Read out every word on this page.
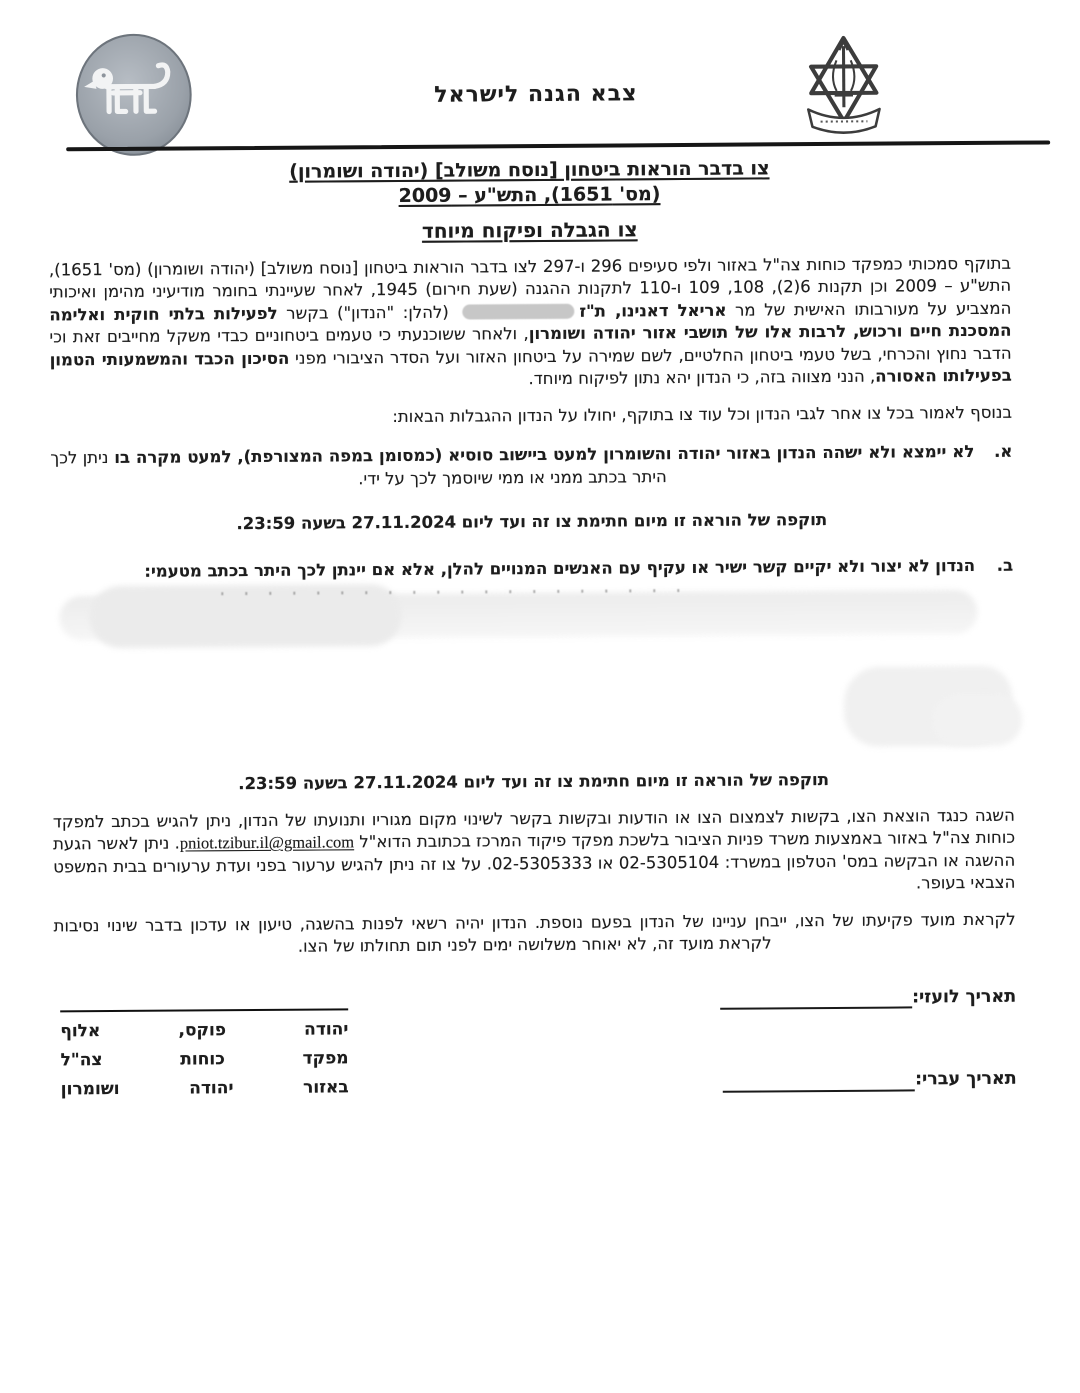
צבא הגנה לישראל
צו בדבר הוראות ביטחון [נוסח משולב] (יהודה ושומרון)
(מס' 1651), התש"ע – 2009
צו הגבלה ופיקוח מיוחד

בתוקף סמכותי כמפקד כוחות צה"ל באזור ולפי סעיפים 296 ו-297 לצו בדבר הוראות ביטחון [נוסח משולב] (יהודה ושומרון) (מס' 1651), התש"ע – 2009 וכן תקנות 6(2), 108, 109 ו-110 לתקנות ההגנה (שעת חירום) 1945, לאחר שעיינתי בחומר מודיעיני מהימן ואיכותי המצביע על מעורבותו האישית של מר אריאל דאנינו, ת"ז (להלן: "הנדון") בקשר לפעילות בלתי חוקית ואלימה המסכנת חיים ורכוש, לרבות אלו של תושבי אזור יהודה ושומרון, ולאחר ששוכנעתי כי טעמים ביטחוניים כבדי משקל מחייבים זאת וכי הדבר נחוץ והכרחי, בשל טעמי ביטחון החלטיים, לשם שמירה על ביטחון האזור ועל הסדר הציבורי מפני הסיכון הכבד והמשמעותי הטמון בפעילותו האסורה, הנני מצווה בזה, כי הנדון יהא נתון לפיקוח מיוחד.

בנוסף לאמור בכל צו אחר לגבי הנדון וכל עוד צו בתוקף, יחולו על הנדון ההגבלות הבאות:

א.
לא יימצא ולא ישהה הנדון באזור יהודה והשומרון למעט ביישוב סוסיא (כמסומן במפה המצורפת), למעט מקרה בו ניתן לכך היתר בכתב ממני או ממי שיוסמך לכך על ידי.

תוקפה של הוראה זו מיום חתימת צו זה ועד ליום 27.11.2024 בשעה 23:59.

ב.
הנדון לא יצור ולא יקיים קשר ישיר או עקיף עם האנשים המנויים להלן, אלא אם יינתן לכך היתר בכתב מטעמי:

תוקפה של הוראה זו מיום חתימת צו זה ועד ליום 27.11.2024 בשעה 23:59.

השגה כנגד הוצאת הצו, בקשות לצמצום הצו או הודעות ובקשות בקשר לשינוי מקום מגוריו ותנועתו של הנדון, ניתן להגיש בכתב למפקד כוחות צה"ל באזור באמצעות משרד פניות הציבור בלשכת מפקד פיקוד המרכז בכתובת הדוא"ל pniot.tzibur.il@gmail.com. ניתן לאשר הגעת ההשגה או הבקשה במס' הטלפון במשרד: 02-5305104 או 02-5305333. על צו זה ניתן להגיש ערעור בפני ועדת ערעורים בבית המשפט הצבאי בעופר.

לקראת מועד פקיעתו של הצו, ייבחן עניינו של הנדון בפעם נוספת. הנדון יהיה רשאי לפנות בהשגה, טיעון או עדכון בדבר שינוי נסיבות לקראת מועד זה, לא יאוחר משלושה ימים לפני תום תחולתו של הצו.

תאריך לועזי:
תאריך עברי:
יהודה
פוקס,
אלוף
מפקד
כוחות
צה"ל
באזור
יהודה
ושומרון
